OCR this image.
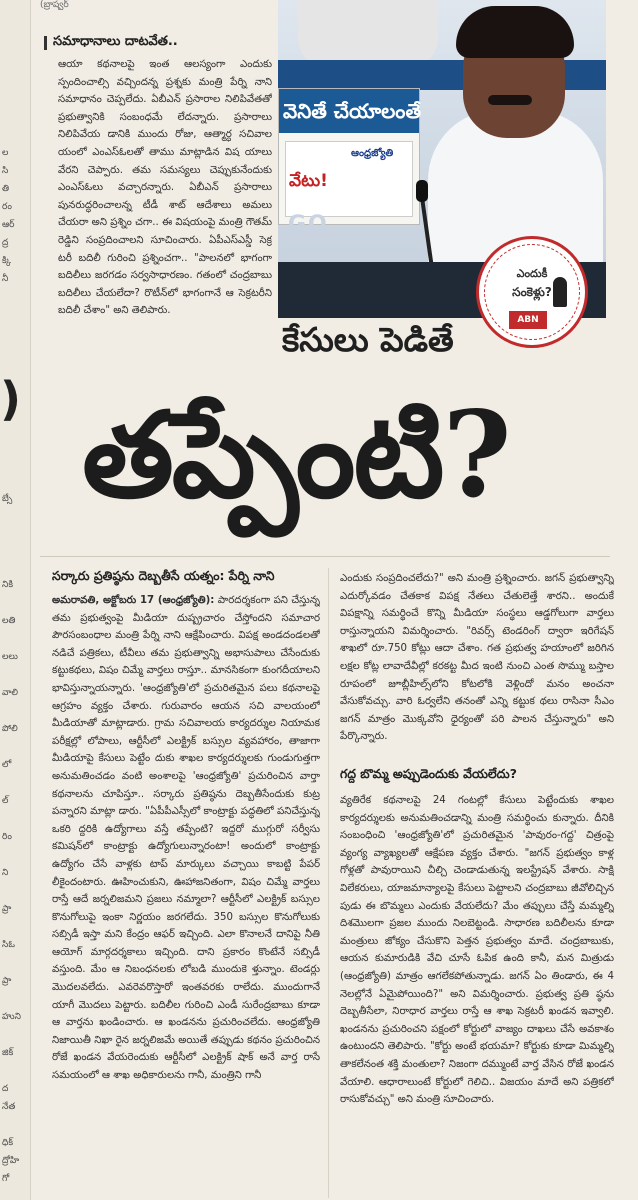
ల
సి
తి
రం
ఆర్
ద్ర
క్కి
నీ
బ్సే
నికి
లతి
లలు
వాలి
పోలి
లో
ల్
రిం
ని
ప్రా
సిఓ
ప్రా
హుని
జిక్
ద
నేత
ధిక్
ద్రోహి
గో
(బ్రాష్వర్
సమాధానాలు దాటవేత..

ఆయా కథనాలపై ఇంత ఆలస్యంగా ఎందుకు స్పందించాల్సి వచ్చిందన్న ప్రశ్నకు మంత్రి పేర్ని నాని సమాధానం చెప్పలేదు. ఏబీఎన్ ప్రసారాల నిలిపివేతతో ప్రభుత్వానికి సంబంధమే లేదన్నారు. ప్రసారాలు నిలిపివేయ డానికి ముందు రోజు, ఆత్మార్ధ సచివాల యంలో ఎంఎస్‌ఓలతో తాము మాట్లాడిన విష యాలు వేరని చెప్పారు. తమ సమస్యలు చెప్పుకునేందుకు ఎంఎస్‌ఓలు వచ్చారన్నారు. ఏబీఎన్ ప్రసారాలు పునరుద్ధరించాలన్న టీడీ శాట్ ఆదేశాలు అమలు చేయరా అని ప్రశ్నిం చగా.. ఈ విషయంపై మంత్రి గౌతమ్ రెడ్డిని సంప్రదించాలని సూచించారు. ఏపీఎస్ఎస్డీ సెక్ర టరీ బదిలీ గురించి ప్రశ్నించగా.. "పాలనలో భాగంగా బదిలీలు జరగడం సర్వసాధారణం. గతంలో చంద్రబాబు బదిలీలు చేయలేదా? రొటీన్‌లో భాగంగానే ఆ సెక్రటరీని బదిలీ చేశాం" అని తెలిపారు.

వెనితే చేయాలంతే
ఆంధ్రజ్యోతి
వేటు!
GO
ఎందుకీ
సంకెళ్లు?
ABN
కేసులు పెడితే
) తప్పేంటి?
సర్కారు ప్రతిష్ఠను దెబ్బతీసే యత్నం: పేర్ని నాని

అమరావతి, అక్టోబరు 17 (ఆంధ్రజ్యోతి): పారదర్శకంగా పని చేస్తున్న తమ ప్రభుత్వంపై మీడియా దుష్ప్రచారం చేస్తోందని సమాచార పౌరసంబంధాల మంత్రి పేర్ని నాని ఆక్షేపించారు. విపక్ష అండదండలతో నడిచే పత్రికలు, టీవీలు తమ ప్రభుత్వాన్ని అభాసుపాలు చేసేందుకు కట్టుకథలు, విషం చిమ్మే వార్తలు రాస్తూ.. మానసికంగా కుంగదీయాలని భావిస్తున్నాయన్నారు. 'ఆంధ్రజ్యోతి'లో ప్రచురితమైన పలు కథనాలపై ఆగ్రహం వ్యక్తం చేశారు. గురువారం ఆయన సచి వాలయంలో మీడియాతో మాట్లాడారు. గ్రామ సచివాలయ కార్యదర్శుల నియామక పరీక్షల్లో లోపాలు, ఆర్టీసీలో ఎలక్ట్రిక్ బస్సుల వ్యవహారం, తాజాగా మీడియాపై కేసులు పెట్టేం దుకు శాఖల కార్యదర్శులకు గుండుగుత్తగా అనుమతించడం వంటి అంశాలపై 'ఆంధ్రజ్యోతి' ప్రచురించిన వార్తా కథనాలను చూపిస్తూ.. సర్కారు ప్రతిష్ఠను దెబ్బతీసేందుకు కుట్ర పన్నారని మాట్లా డారు. "ఏపీపీఎస్సీలో కాంట్రాక్టు పద్ధతిలో పనిచేస్తున్న ఒకరి ద్దరికి ఉద్యోగాలు వస్తే తప్పేంటి? ఇద్దరో ముగ్గురో సర్వీసు కమిషన్‌లో కాంట్రాక్టు ఉద్యోగులున్నారంటా! అందులో కాంట్రాక్టు ఉద్యోగం చేసే వాళ్లకు టాప్ మార్కులు వచ్చాయి కాబట్టి పేపర్ లీకైందంటారు. ఊహించుకుని, ఊహాజనితంగా, విషం చిమ్మే వార్తలు రాస్తే ఆదే జర్నలిజమని ప్రజలు నమ్మాలా? ఆర్టీసీలో ఎలక్ట్రిక్ బస్సుల కొనుగోలుపై ఇంకా నిర్ణయం జరగలేదు. 350 బస్సుల కొనుగోలుకు సబ్సిడీ ఇస్తా మని కేంద్రం ఆఫర్ ఇచ్చింది. ఎలా కొనాలనే దానిపై నీతి ఆయోగ్ మార్గదర్శకాలు ఇచ్చింది. దాని ప్రకారం కొంటేనే సబ్సిడీ వస్తుంది. మేం ఆ నిబంధనలకు లోబడి ముందుకె ళ్తున్నాం. టెండర్లు మొదలవలేదు. ఎవరెవరొస్తారో ఇంతవరకు రాలేదు. ముందుగానే యాగీ మొదలు పెట్టారు. బదిలీల గురించి ఎండీ సురేంద్రబాబు కూడా ఆ వార్తను ఖండించారు. ఆ ఖండనను ప్రచురించలేదు. ఆంధ్రజ్యోతి నిజాయితీ నిఖా రైన జర్నలిజమే అయితే తప్పుడు కథనం ప్రచురించిన రోజే ఖండన వేయరెందుకు ఆర్టీసీలో ఎలక్ట్రిక్ షాక్ అనే వార్త రాసే సమయంలో ఆ శాఖ అధికారులను గానీ, మంత్రిని గానీ

ఎందుకు సంప్రదించలేదు?" అని మంత్రి ప్రశ్నించారు. జగన్ ప్రభుత్వాన్ని ఎదుర్కోవడం చేతకాక విపక్ష నేతలు చేతులెత్తే శారని.. అందుకే విపక్షాన్ని సమర్థించే కొన్ని మీడియా సంస్థలు ఆడ్డగోలుగా వార్తలు రాస్తున్నాయని విమర్శించారు. "రివర్స్ టెండరింగ్ ద్వారా ఇరిగేషన్ శాఖలో రూ.750 కోట్లు ఆదా చేశాం. గత ప్రభుత్వ హయాంలో జరిగిన లక్షల కోట్ల లావాదేవీల్లో కరకట్ట మీద ఇంటి నుంచి ఎంత సొమ్ము బస్తాల రూపంలో జూబ్లీహిల్స్‌లోని కోటలోకి వెళ్లిందో మనం అంచనా వేసుకోవచ్చు. వారి ఓర్వలేని తనంతో ఎన్ని కట్టుక థలు రాసినా సీఎం జగన్ మాత్రం మొక్కవోని ధైర్యంతో పరి పాలన చేస్తున్నారు" అని పేర్కొన్నారు.

గద్ద బొమ్మ అప్పుడెందుకు వేయలేదు?

వ్యతిరేక కథనాలపై 24 గంటల్లో కేసులు పెట్టేందుకు శాఖల కార్యదర్శులకు అనుమతించడాన్ని మంత్రి సమర్థించు కున్నారు. దీనికి సంబంధించి 'ఆంధ్రజ్యోతి'లో ప్రచురితమైన 'పావురం-గద్ద' చిత్రంపై వ్యంగ్య వ్యాఖ్యలతో ఆక్షేపణ వ్యక్తం చేశారు. "జగన్ ప్రభుత్వం కాళ్ల గోళ్లతో పావురాయిని చీల్చి చెండాడుతున్న ఇలస్ట్రేషన్ వేశారు. సాక్షి విలేకరులు, యాజమాన్యాలపై కేసులు పెట్టాలని చంద్రబాబు జీవోలిచ్చిన పుడు ఈ బొమ్మలు ఎందుకు వేయలేదు? మేం తప్పులు చేస్తే మమ్మల్ని దిశమొలగా ప్రజల ముందు నిలబెట్టండి. సాధారణ బదిలీలను కూడా మంత్రులు జోక్యం చేసుకొని పెత్తన ప్రభుత్వం మాదే. చంద్రబాబుకు, ఆయన కుమారుడికి వేచి చూసే ఓపిక ఉంది కానీ, మన మిత్రుడు (ఆంధ్రజ్యోతి) మాత్రం ఆగలేకపోతున్నాడు. జగన్ ఏం తిండారు, ఈ 4 నెలల్లోనే ఏమైపోయింది?" అని విమర్శించారు. ప్రభుత్వ ప్రతి ష్ఠను దెబ్బతీసేలా, నిరాధార వార్తలు రాస్తే ఆ శాఖ సెక్రటరీ ఖండన ఇవ్వాలి. ఖండనను ప్రచురించని పక్షంలో కోర్టులో వాజ్యం దాఖలు చేసే అవకాశం ఉంటుందని తెలిపారు. "కోర్టు అంటే భయమా? కోర్టుకు కూడా మిమ్మల్ని తాకలేనంత శక్తి మంతులా? నిజంగా దమ్ముంటే వార్త వేసిన రోజే ఖండన వేయాలి. ఆధారాలుంటే కోర్టులో గెలిచి.. విజయం మాదే అని పత్రికలో రాసుకోవచ్చు" అని మంత్రి సూచించారు.
